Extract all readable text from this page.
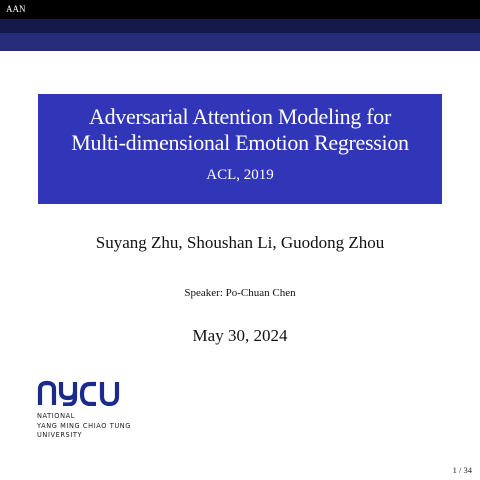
AAN
Adversarial Attention Modeling for
Multi-dimensional Emotion Regression
ACL, 2019
Suyang Zhu, Shoushan Li, Guodong Zhou
Speaker: Po-Chuan Chen
May 30, 2024
NATIONAL
YANG MING CHIAO TUNG
UNIVERSITY
1 / 34
